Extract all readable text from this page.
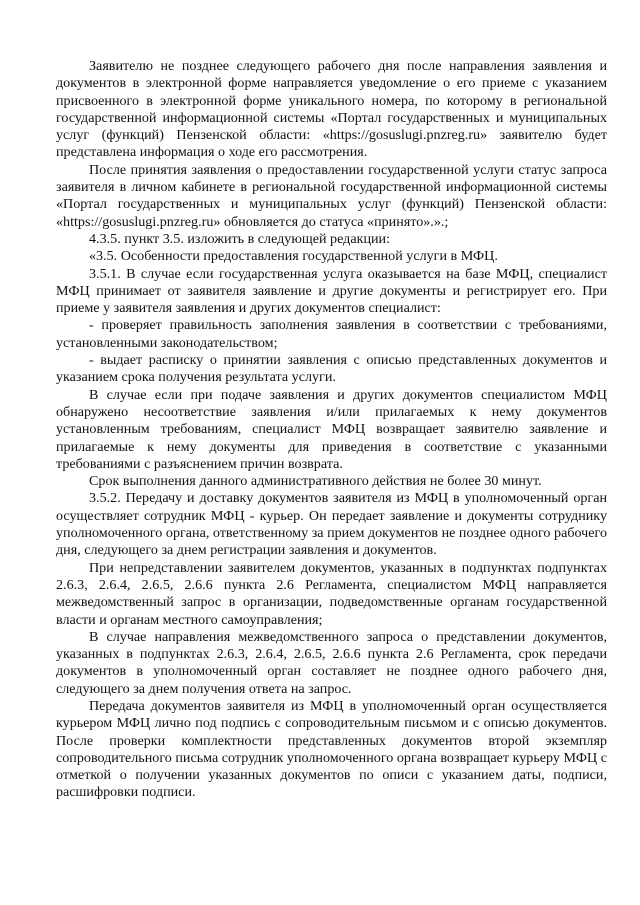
Заявителю не позднее следующего рабочего дня после направления заявления и документов в электронной форме направляется уведомление о его приеме с указанием присвоенного в электронной форме уникального номера, по которому в региональной государственной информационной системы «Портал государственных и муниципальных услуг (функций) Пензенской области: «https://gosuslugi.pnzreg.ru» заявителю будет представлена информация о ходе его рассмотрения.

После принятия заявления о предоставлении государственной услуги статус запроса заявителя в личном кабинете в региональной государственной информационной системы «Портал государственных и муниципальных услуг (функций) Пензенской области: «https://gosuslugi.pnzreg.ru» обновляется до статуса «принято».».;

4.3.5. пункт 3.5. изложить в следующей редакции:

«3.5. Особенности предоставления государственной услуги в МФЦ.

3.5.1. В случае если государственная услуга оказывается на базе МФЦ, специалист МФЦ принимает от заявителя заявление и другие документы и регистрирует его. При приеме у заявителя заявления и других документов специалист:

- проверяет правильность заполнения заявления в соответствии с требованиями, установленными законодательством;

- выдает расписку о принятии заявления с описью представленных документов и указанием срока получения результата услуги.

В случае если при подаче заявления и других документов специалистом МФЦ обнаружено несоответствие заявления и/или прилагаемых к нему документов установленным требованиям, специалист МФЦ возвращает заявителю заявление и прилагаемые к нему документы для приведения в соответствие с указанными требованиями с разъяснением причин возврата.

Срок выполнения данного административного действия не более 30 минут.

3.5.2. Передачу и доставку документов заявителя из МФЦ в уполномоченный орган осуществляет сотрудник МФЦ - курьер. Он передает заявление и документы сотруднику уполномоченного органа, ответственному за прием документов не позднее одного рабочего дня, следующего за днем регистрации заявления и документов.

При непредставлении заявителем документов, указанных в подпунктах подпунктах 2.6.3, 2.6.4, 2.6.5, 2.6.6 пункта 2.6 Регламента, специалистом МФЦ направляется межведомственный запрос в организации, подведомственные органам государственной власти и органам местного самоуправления;

В случае направления межведомственного запроса о представлении документов, указанных в подпунктах 2.6.3, 2.6.4, 2.6.5, 2.6.6 пункта 2.6 Регламента, срок передачи документов в уполномоченный орган составляет не позднее одного рабочего дня, следующего за днем получения ответа на запрос.

Передача документов заявителя из МФЦ в уполномоченный орган осуществляется курьером МФЦ лично под подпись с сопроводительным письмом и с описью документов. После проверки комплектности представленных документов второй экземпляр сопроводительного письма сотрудник уполномоченного органа возвращает курьеру МФЦ с отметкой о получении указанных документов по описи с указанием даты, подписи, расшифровки подписи.
